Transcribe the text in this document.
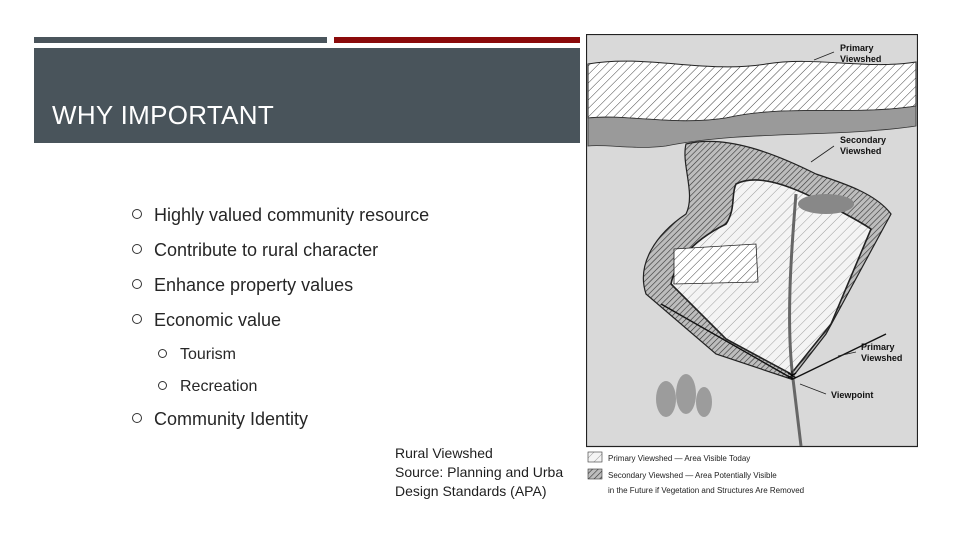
WHY IMPORTANT
Highly valued community resource
Contribute to rural character
Enhance property values
Economic value
Tourism
Recreation
Community Identity
Rural Viewshed
Source: Planning and Urba
Design Standards (APA)
*
Primary
Viewshed
Secondary
Viewshed
Primary
Viewshed
Viewpoint
Primary Viewshed — Area Visible Today
Secondary Viewshed — Area Potentially Visible
in the Future if Vegetation and Structures Are Removed
